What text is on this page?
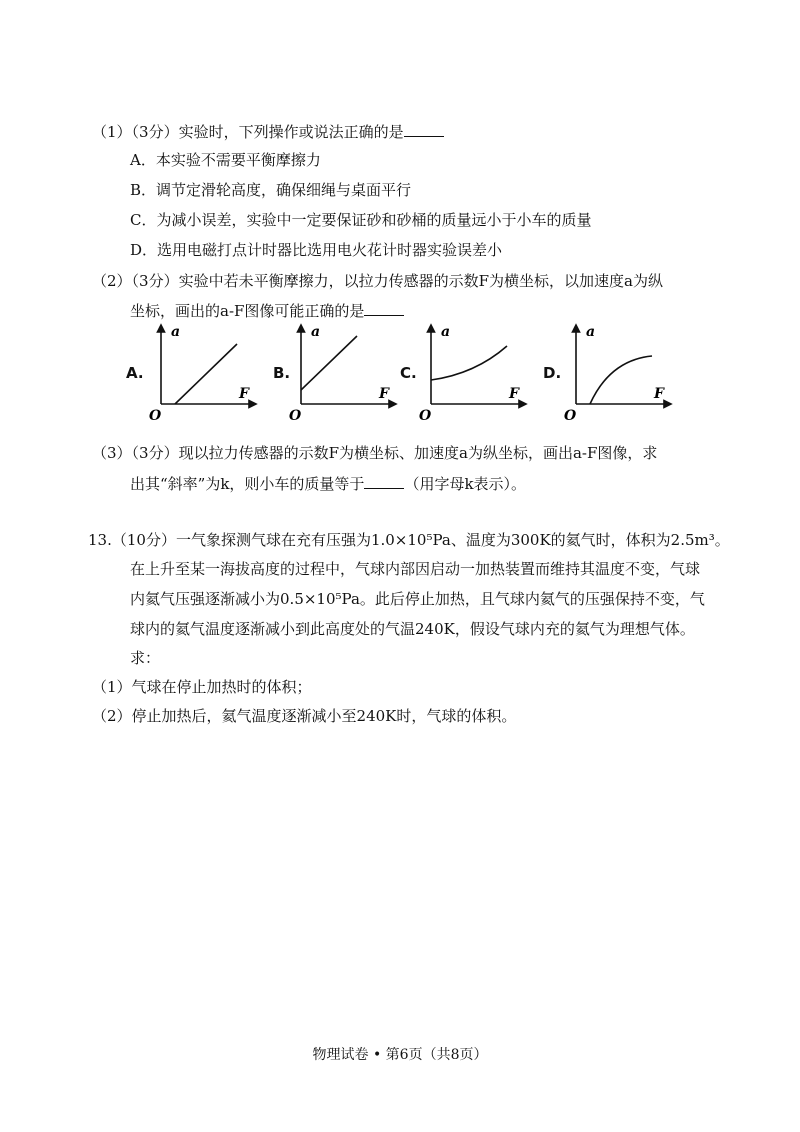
（1）（3分）实验时，下列操作或说法正确的是
A．本实验不需要平衡摩擦力
B．调节定滑轮高度，确保细绳与桌面平行
C．为减小误差，实验中一定要保证砂和砂桶的质量远小于小车的质量
D．选用电磁打点计时器比选用电火花计时器实验误差小
（2）（3分）实验中若未平衡摩擦力，以拉力传感器的示数F为横坐标，以加速度a为纵
坐标，画出的a-F图像可能正确的是
A.	B.	C.	D.
a
F
O
a
F
O
a
F
O
a
F
O
（3）（3分）现以拉力传感器的示数F为横坐标、加速度a为纵坐标，画出a-F图像，求
出其“斜率”为k，则小车的质量等于	（用字母k表示）。
13.（10分）一气象探测气球在充有压强为1.0×10⁵Pa、温度为300K的氦气时，体积为2.5m³。
在上升至某一海拔高度的过程中，气球内部因启动一加热装置而维持其温度不变，气球
内氦气压强逐渐减小为0.5×10⁵Pa。此后停止加热，且气球内氦气的压强保持不变，气
球内的氦气温度逐渐减小到此高度处的气温240K，假设气球内充的氦气为理想气体。
求：
（1）气球在停止加热时的体积；
（2）停止加热后，氦气温度逐渐减小至240K时，气球的体积。
物理试卷 • 第6页（共8页）
